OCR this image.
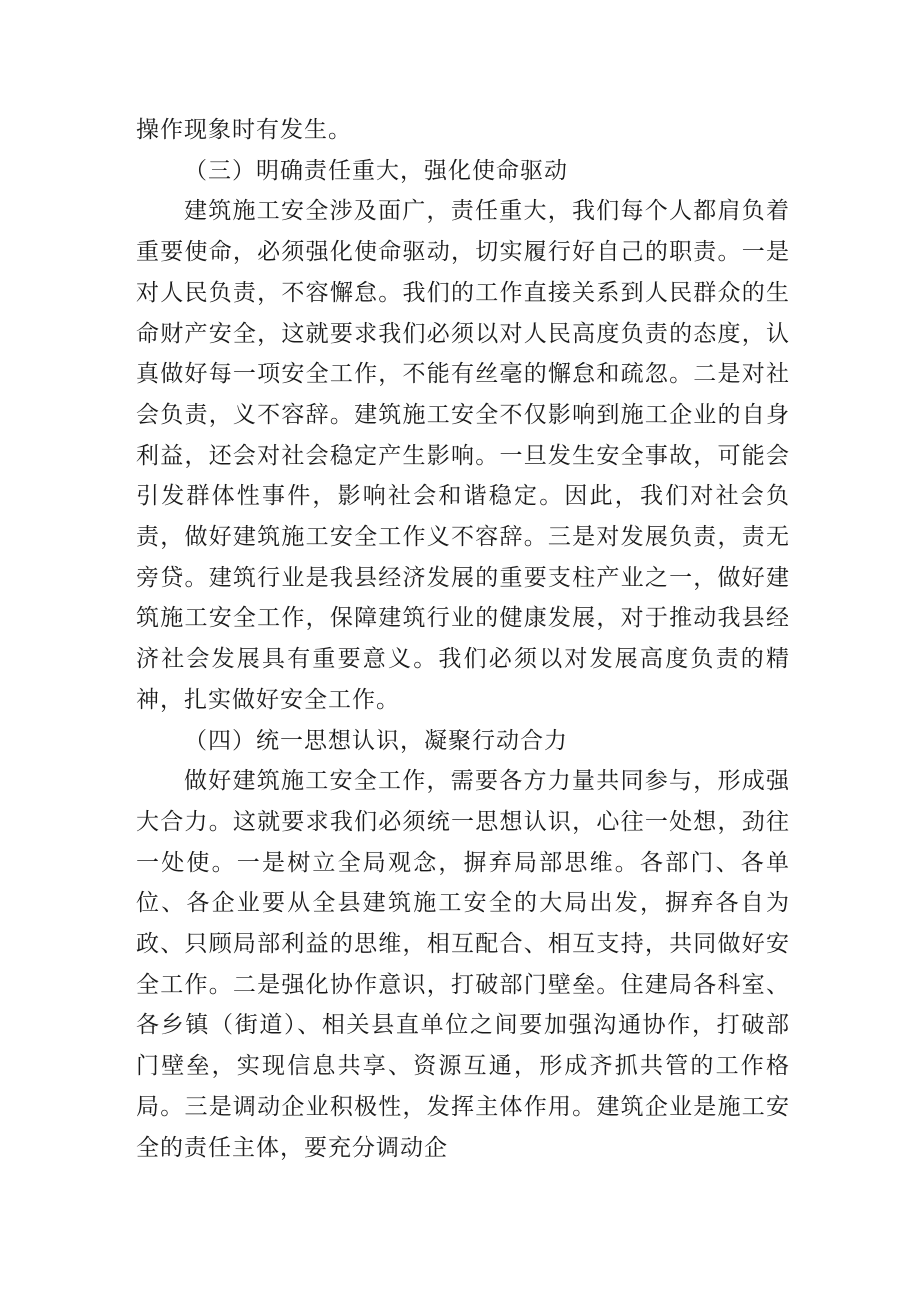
操作现象时有发生。

（三）明确责任重大，强化使命驱动

建筑施工安全涉及面广，责任重大，我们每个人都肩负着重要使命，必须强化使命驱动，切实履行好自己的职责。一是对人民负责，不容懈怠。我们的工作直接关系到人民群众的生命财产安全，这就要求我们必须以对人民高度负责的态度，认真做好每一项安全工作，不能有丝毫的懈怠和疏忽。二是对社会负责，义不容辞。建筑施工安全不仅影响到施工企业的自身利益，还会对社会稳定产生影响。一旦发生安全事故，可能会引发群体性事件，影响社会和谐稳定。因此，我们对社会负责，做好建筑施工安全工作义不容辞。三是对发展负责，责无旁贷。建筑行业是我县经济发展的重要支柱产业之一，做好建筑施工安全工作，保障建筑行业的健康发展，对于推动我县经济社会发展具有重要意义。我们必须以对发展高度负责的精神，扎实做好安全工作。

（四）统一思想认识，凝聚行动合力

做好建筑施工安全工作，需要各方力量共同参与，形成强大合力。这就要求我们必须统一思想认识，心往一处想，劲往一处使。一是树立全局观念，摒弃局部思维。各部门、各单位、各企业要从全县建筑施工安全的大局出发，摒弃各自为政、只顾局部利益的思维，相互配合、相互支持，共同做好安全工作。二是强化协作意识，打破部门壁垒。住建局各科室、各乡镇（街道）、相关县直单位之间要加强沟通协作，打破部门壁垒，实现信息共享、资源互通，形成齐抓共管的工作格局。三是调动企业积极性，发挥主体作用。建筑企业是施工安全的责任主体，要充分调动企
